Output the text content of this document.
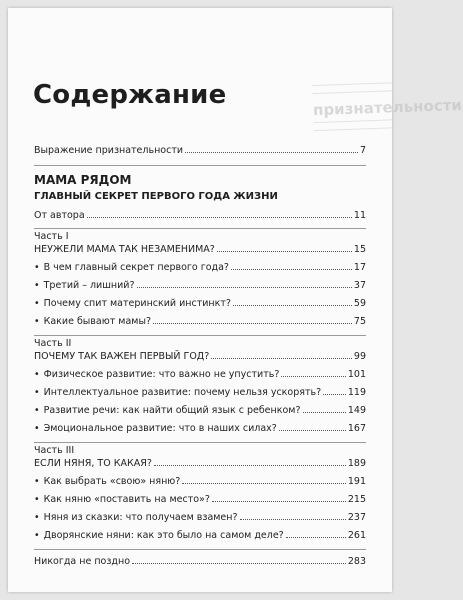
признательности
Содержание
Выражение признательности	7
МАМА РЯДОМ
ГЛАВНЫЙ СЕКРЕТ ПЕРВОГО ГОДА ЖИЗНИ
От автора	11
Часть I
НЕУЖЕЛИ МАМА ТАК НЕЗАМЕНИМА?	15
• В чем главный секрет первого года?	17
• Третий – лишний?	37
• Почему спит материнский инстинкт?	59
• Какие бывают мамы?	75
Часть II
ПОЧЕМУ ТАК ВАЖЕН ПЕРВЫЙ ГОД?	99
• Физическое развитие: что важно не упустить?	101
• Интеллектуальное развитие: почему нельзя ускорять?	119
• Развитие речи: как найти общий язык с ребенком?	149
• Эмоциональное развитие: что в наших силах?	167
Часть III
ЕСЛИ НЯНЯ, ТО КАКАЯ?	189
• Как выбрать «свою» няню?	191
• Как няню «поставить на место»?	215
• Няня из сказки: что получаем взамен?	237
• Дворянские няни: как это было на самом деле?	261
Никогда не поздно	283
